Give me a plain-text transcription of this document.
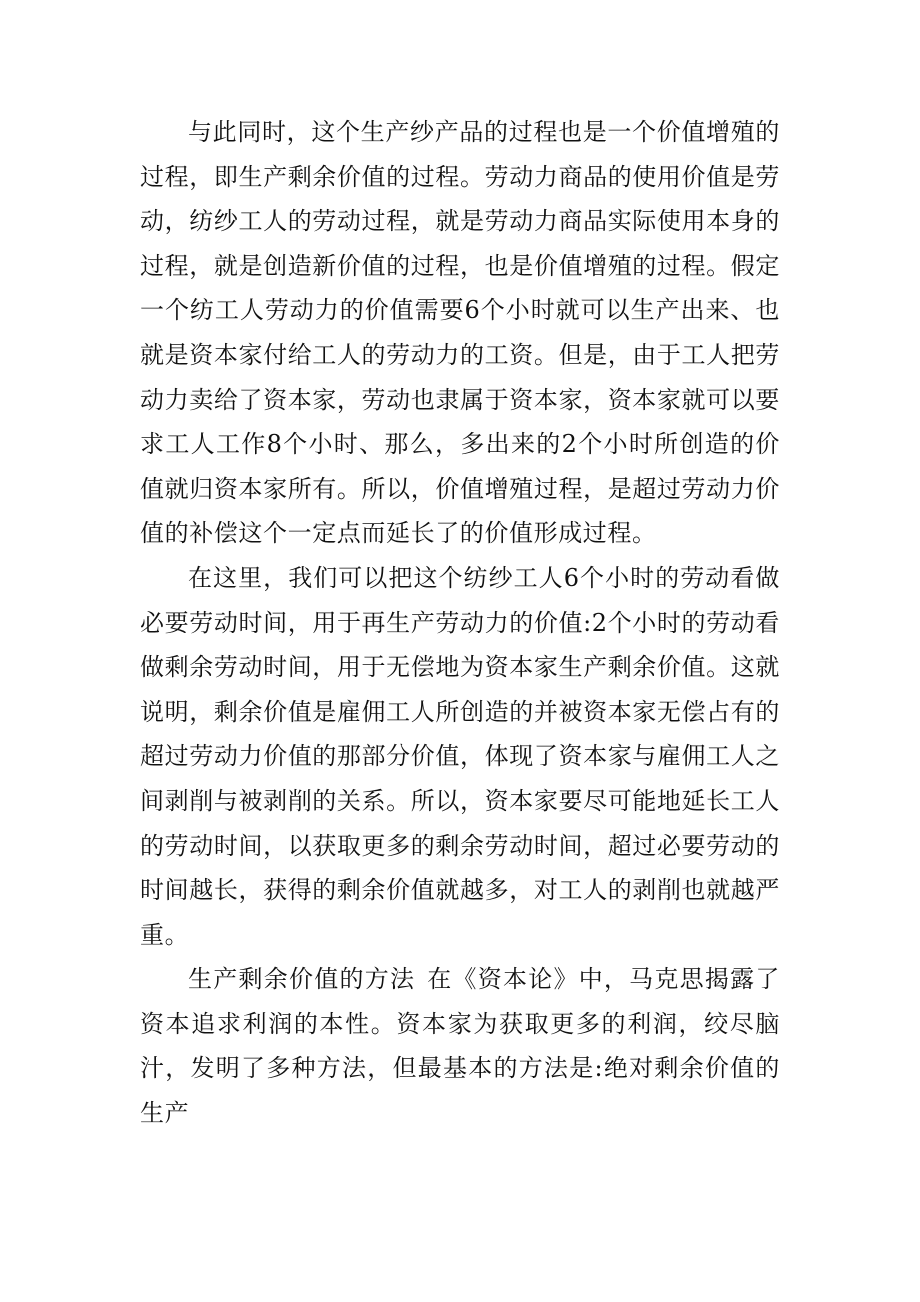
与此同时，这个生产纱产品的过程也是一个价值增殖的过程，即生产剩余价值的过程。劳动力商品的使用价值是劳动，纺纱工人的劳动过程，就是劳动力商品实际使用本身的过程，就是创造新价值的过程，也是价值增殖的过程。假定一个纺工人劳动力的价值需要6个小时就可以生产出来、也就是资本家付给工人的劳动力的工资。但是，由于工人把劳动力卖给了资本家，劳动也隶属于资本家，资本家就可以要求工人工作8个小时、那么，多出来的2个小时所创造的价值就归资本家所有。所以，价值增殖过程，是超过劳动力价值的补偿这个一定点而延长了的价值形成过程。

在这里，我们可以把这个纺纱工人6个小时的劳动看做必要劳动时间，用于再生产劳动力的价值:2个小时的劳动看做剩余劳动时间，用于无偿地为资本家生产剩余价值。这就说明，剩余价值是雇佣工人所创造的并被资本家无偿占有的超过劳动力价值的那部分价值，体现了资本家与雇佣工人之间剥削与被剥削的关系。所以，资本家要尽可能地延长工人的劳动时间，以获取更多的剩余劳动时间，超过必要劳动的时间越长，获得的剩余价值就越多，对工人的剥削也就越严重。

生产剩余价值的方法 在《资本论》中，马克思揭露了资本追求利润的本性。资本家为获取更多的利润，绞尽脑汁，发明了多种方法，但最基本的方法是:绝对剩余价值的生产
